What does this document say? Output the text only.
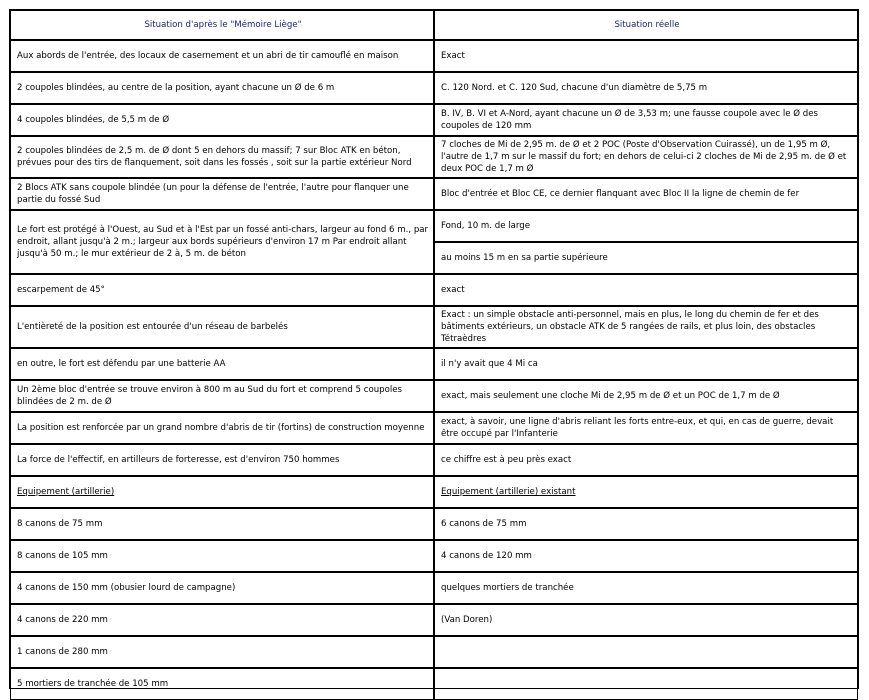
Situation d'après le "Mémoire Liège"	Situation réelle
Aux abords de l'entrée, des locaux de casernement et un abri de tir camouflé en maison	Exact
2 coupoles blindées, au centre de la position, ayant chacune un Ø de 6 m	C. 120 Nord. et C. 120 Sud, chacune d'un diamètre de 5,75 m
4 coupoles blindées, de 5,5 m de Ø	B. IV, B. VI et A-Nord, ayant chacune un Ø de 3,53 m; une fausse coupole avec le Ø des coupoles de 120 mm
2 coupoles blindées de 2,5 m. de Ø dont 5 en dehors du massif; 7 sur Bloc ATK en béton, prévues pour des tirs de flanquement, soit dans les fossés , soit sur la partie extérieur Nord	7 cloches de Mi de 2,95 m. de Ø et 2 POC (Poste d'Observation Cuirassé), un de 1,95 m Ø, l'autre de 1,7 m sur le massif du fort; en dehors de celui-ci 2 cloches de Mi de 2,95 m. de Ø et deux POC de 1,7 m Ø
2 Blocs ATK sans coupole blindée (un pour la défense de l'entrée, l'autre pour flanquer une partie du fossé Sud	Bloc d'entrée et Bloc CE, ce dernier flanquant avec Bloc II la ligne de chemin de fer
Le fort est protégé à l'Ouest, au Sud et à l'Est par un fossé anti-chars, largeur au fond 6 m., par endroit, allant jusqu'à 2 m.; largeur aux bords supérieurs d'environ 17 m Par endroit allant jusqu'à 50 m.; le mur extérieur de 2 à, 5 m. de béton	Fond, 10 m. de large
	au moins 15 m en sa partie supérieure
escarpement de 45°	exact
L'entièreté de la position est entourée d'un réseau de barbelés	Exact : un simple obstacle anti-personnel, mais en plus, le long du chemin de fer et des bâtiments extérieurs, un obstacle ATK de 5 rangées de rails, et plus loin, des obstacles Tétraèdres
en outre, le fort est défendu par une batterie AA	il n'y avait que 4 Mi ca
Un 2ème bloc d'entrée se trouve environ à 800 m au Sud du fort et comprend 5 coupoles blindées de 2 m. de Ø	exact, mais seulement une cloche Mi de 2,95 m de Ø et un POC de 1,7 m de Ø
La position est renforcée par un grand nombre d'abris de tir (fortins) de construction moyenne	exact, à savoir, une ligne d'abris reliant les forts entre-eux, et qui, en cas de guerre, devait être occupé par l'Infanterie
La force de l'effectif, en artilleurs de forteresse, est d'environ 750 hommes	ce chiffre est à peu près exact
Equipement (artillerie)	Equipement (artillerie) existant
8 canons de 75 mm	6 canons de 75 mm
8 canons de 105 mm	4 canons de 120 mm
4 canons de 150 mm (obusier lourd de campagne)	quelques mortiers de tranchée
4 canons de 220 mm	(Van Doren)
1 canons de 280 mm	
5 mortiers de tranchée de 105 mm	
